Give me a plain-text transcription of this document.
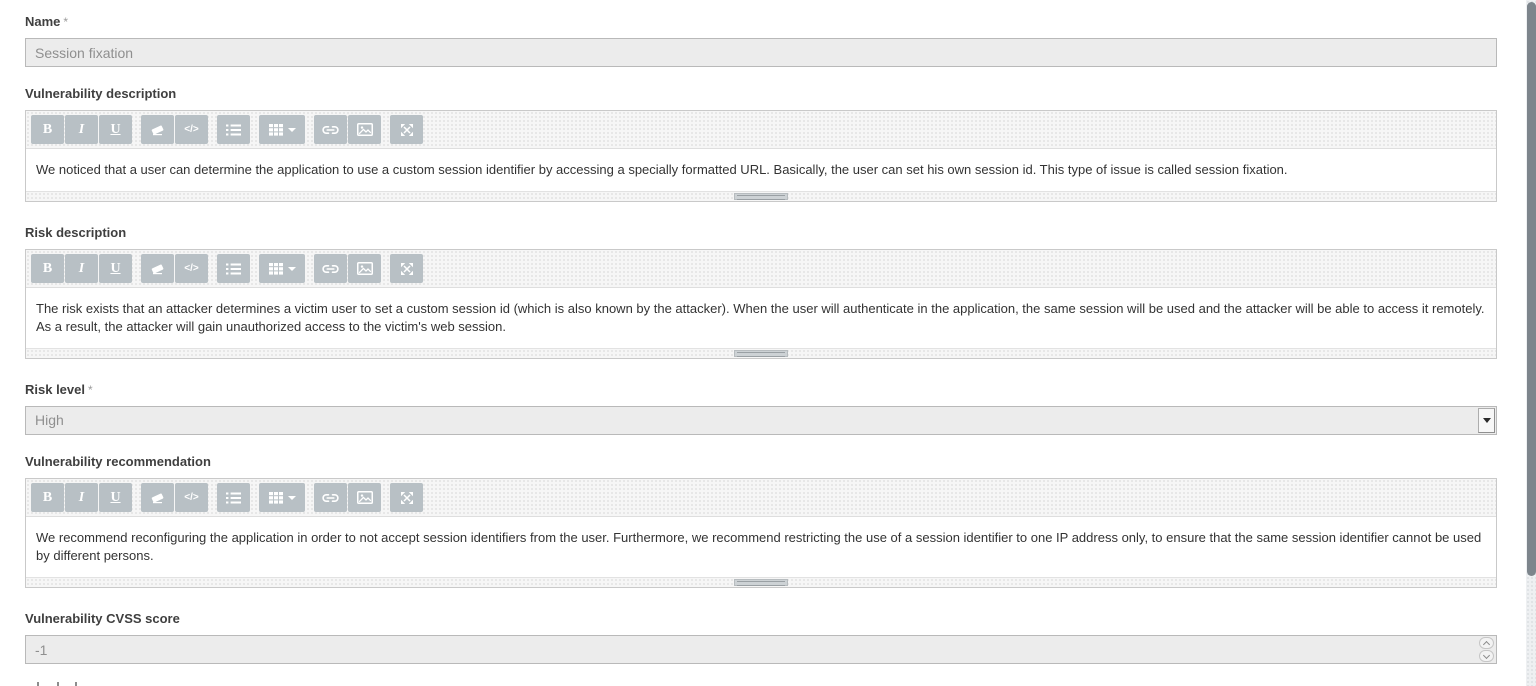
Name *
Session fixation
Vulnerability description
B I U	</>
We noticed that a user can determine the application to use a custom session identifier by accessing a specially formatted URL. Basically, the user can set his own session id. This type of issue is called session fixation.
Risk description
B I U	</>
The risk exists that an attacker determines a victim user to set a custom session id (which is also known by the attacker). When the user will authenticate in the application, the same session will be used and the attacker will be able to access it remotely. As a result, the attacker will gain unauthorized access to the victim's web session.
Risk level *
High
Vulnerability recommendation
B I U	</>
We recommend reconfiguring the application in order to not accept session identifiers from the user. Furthermore, we recommend restricting the use of a session identifier to one IP address only, to ensure that the same session identifier cannot be used by different persons.
Vulnerability CVSS score
-1
